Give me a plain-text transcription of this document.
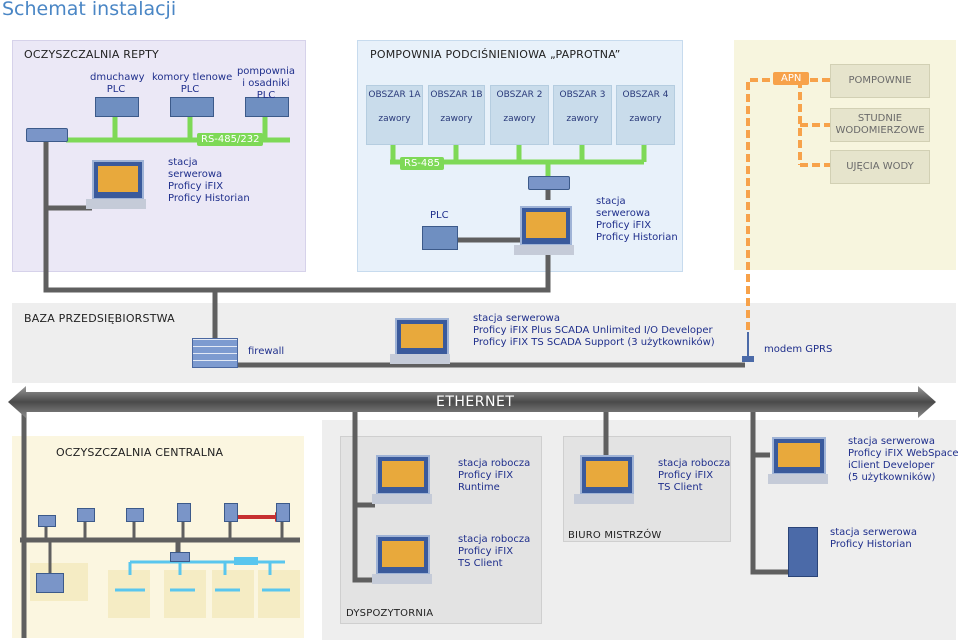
Schemat instalacji
OCZYSZCZALNIA REPTY
dmuchawy
PLC
komory tlenowe
PLC
pompownia
i osadniki
PLC
RS-485/232
stacja
serwerowa
Proficy iFIX
Proficy Historian
POMPOWNIA PODCIŚNIENIOWA „PAPROTNA”
OBSZAR 1A
zawory
OBSZAR 1B
zawory
OBSZAR 2
zawory
OBSZAR 3
zawory
OBSZAR 4
zawory
RS-485
PLC
stacja
serwerowa
Proficy iFIX
Proficy Historian
APN	POMPOWNIE
STUDNIE
WODOMIERZOWE
UJĘCIA WODY
BAZA PRZEDSIĘBIORSTWA
firewall
stacja serwerowa
Proficy iFIX Plus SCADA Unlimited I/O Developer
Proficy iFIX TS SCADA Support (3 użytkowników)
modem GPRS
ETHERNET
OCZYSZCZALNIA CENTRALNA
stacja robocza
Proficy iFIX
Runtime
stacja robocza
Proficy iFIX
TS Client
DYSPOZYTORNIA
stacja robocza
Proficy iFIX
TS Client
BIURO MISTRZÓW
stacja serwerowa
Proficy iFIX WebSpace
iClient Developer
(5 użytkowników)
stacja serwerowa
Proficy Historian
